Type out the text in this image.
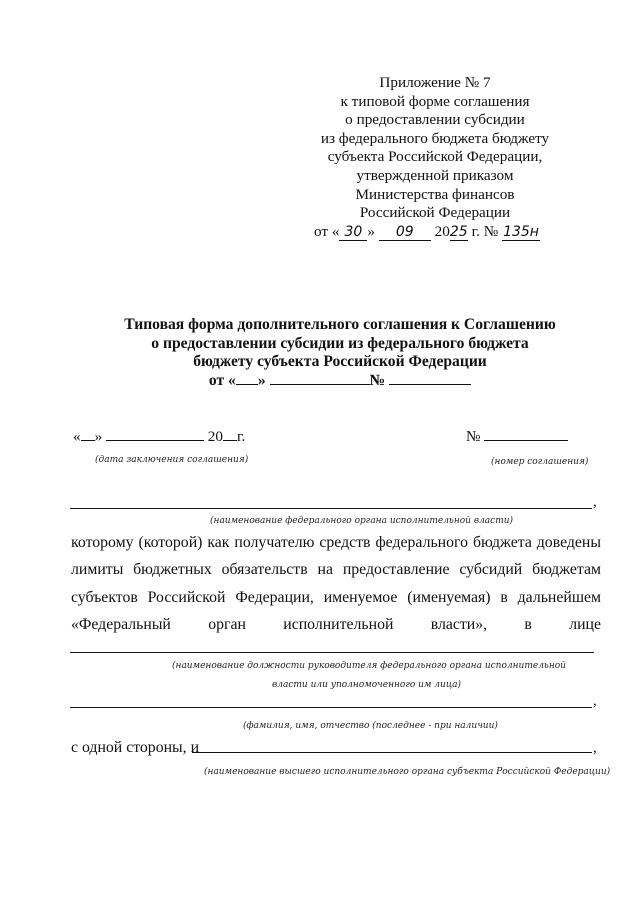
Приложение № 7
к типовой форме соглашения
о предоставлении субсидии
из федерального бюджета бюджету
субъекта Российской Федерации,
утвержденной приказом
Министерства финансов
Российской Федерации
от « 30 » 09 2025 г. № 135н
Типовая форма дополнительного соглашения к Соглашению
о предоставлении субсидии из федерального бюджета
бюджету субъекта Российской Федерации
от « »	№
« »	20 г.	№
(дата заключения соглашения)	(номер соглашения)
,
(наименование федерального органа исполнительной власти)
которому (которой) как получателю средств федерального бюджета доведены
лимиты бюджетных обязательств на предоставление субсидий бюджетам
субъектов Российской Федерации, именуемое (именуемая) в дальнейшем
«Федеральный орган исполнительной власти», в лице
(наименование должности руководителя федерального органа исполнительной
власти или уполномоченного им лица)
,
(фамилия, имя, отчество (последнее - при наличии)
с одной стороны, и	,
(наименование высшего исполнительного органа субъекта Российской Федерации)
